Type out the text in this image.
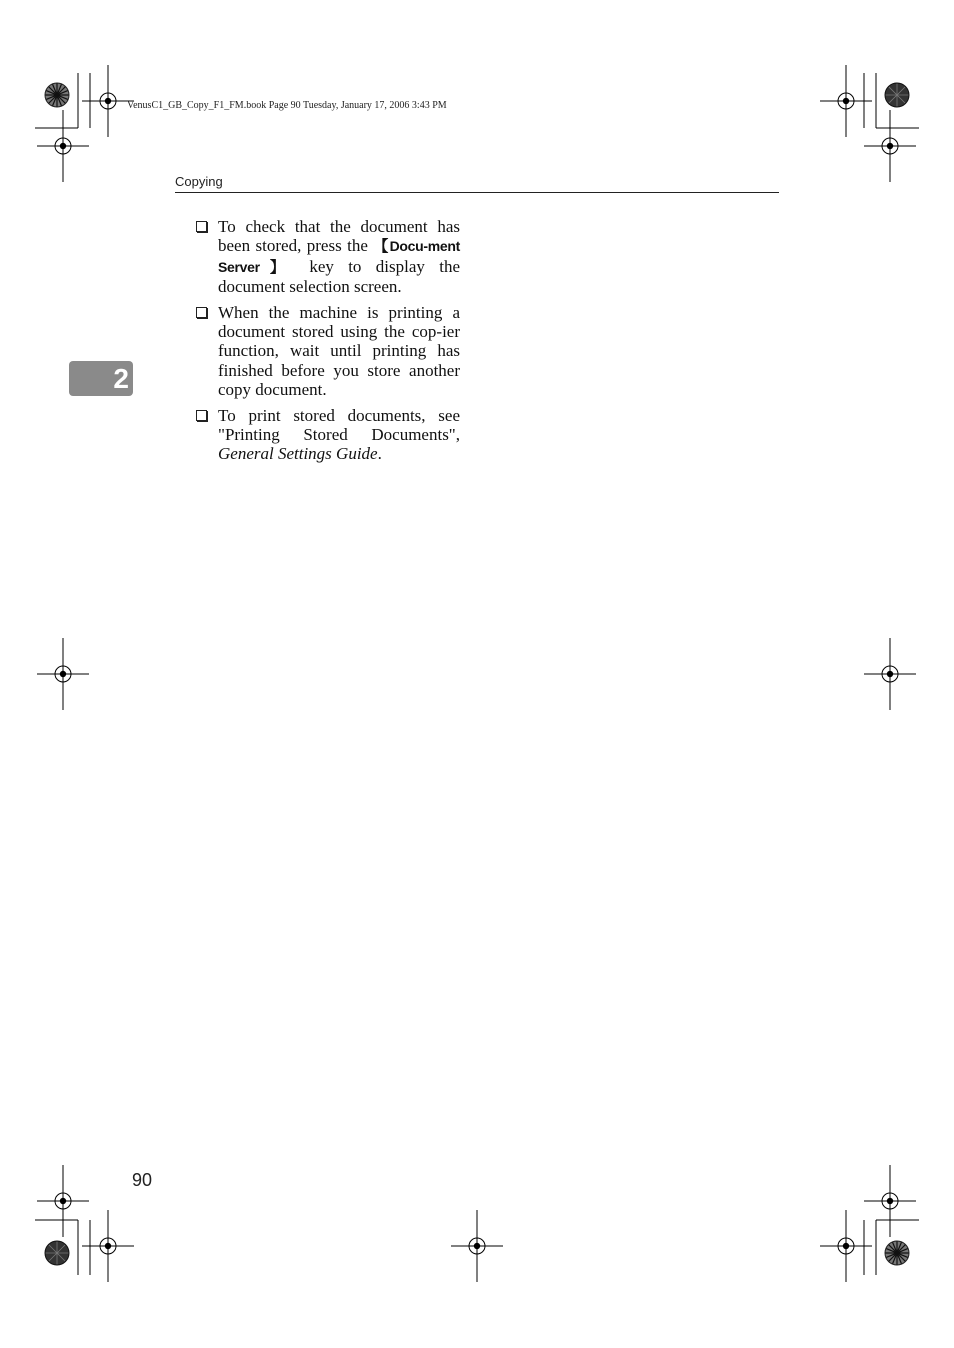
VenusC1_GB_Copy_F1_FM.book Page 90 Tuesday, January 17, 2006 3:43 PM
Copying
2
To check that the document has been stored, press the 【Docu-ment Server】 key to display the document selection screen.
When the machine is printing a document stored using the cop-ier function, wait until printing has finished before you store another copy document.
To print stored documents, see "Printing Stored Documents", General Settings Guide.
90
